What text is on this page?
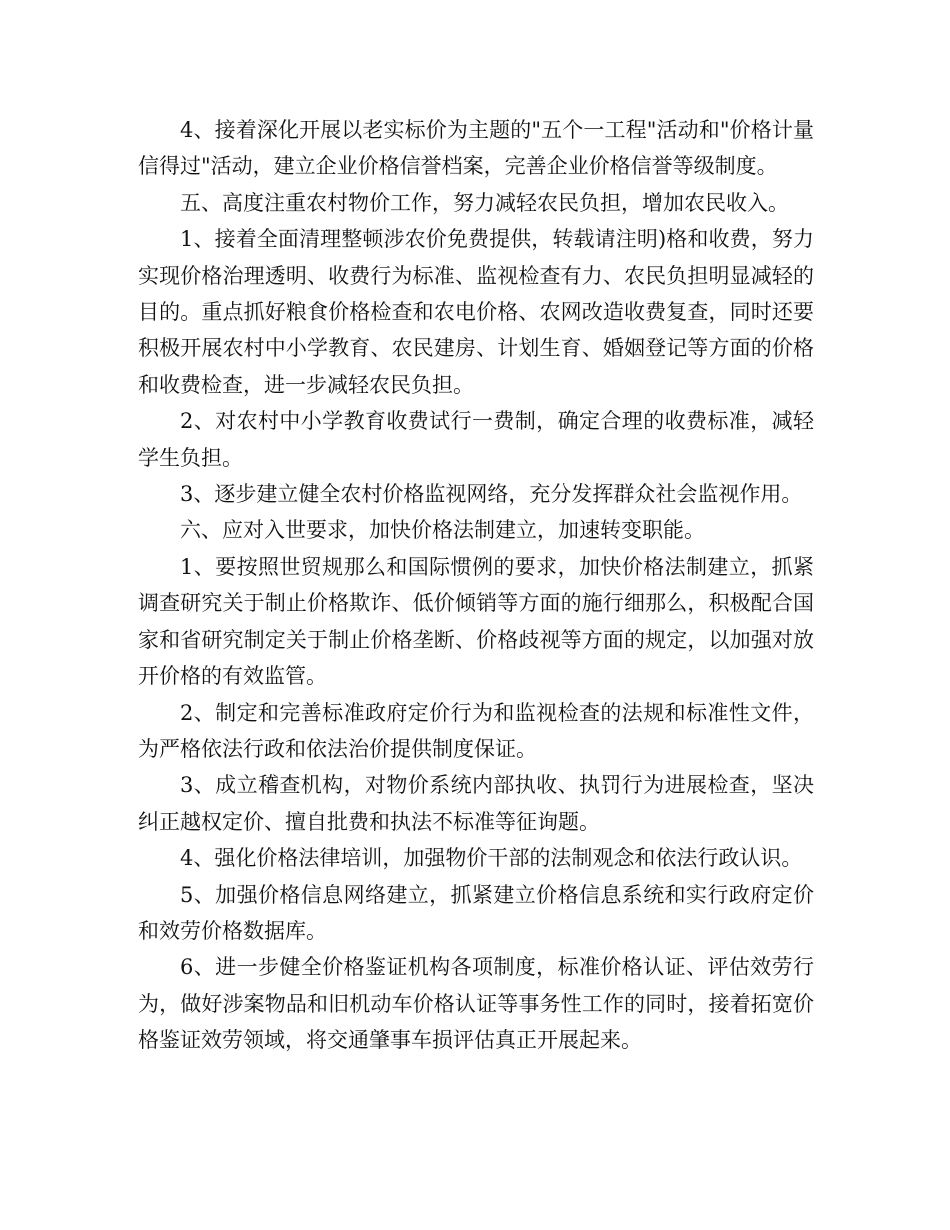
4、接着深化开展以老实标价为主题的"五个一工程"活动和"价格计量信得过"活动，建立企业价格信誉档案，完善企业价格信誉等级制度。

五、高度注重农村物价工作，努力减轻农民负担，增加农民收入。

1、接着全面清理整顿涉农价免费提供，转载请注明)格和收费，努力实现价格治理透明、收费行为标准、监视检查有力、农民负担明显减轻的目的。重点抓好粮食价格检查和农电价格、农网改造收费复查，同时还要积极开展农村中小学教育、农民建房、计划生育、婚姻登记等方面的价格和收费检查，进一步减轻农民负担。

2、对农村中小学教育收费试行一费制，确定合理的收费标准，减轻学生负担。

3、逐步建立健全农村价格监视网络，充分发挥群众社会监视作用。

六、应对入世要求，加快价格法制建立，加速转变职能。

1、要按照世贸规那么和国际惯例的要求，加快价格法制建立，抓紧调查研究关于制止价格欺诈、低价倾销等方面的施行细那么，积极配合国家和省研究制定关于制止价格垄断、价格歧视等方面的规定，以加强对放开价格的有效监管。

2、制定和完善标准政府定价行为和监视检查的法规和标准性文件，为严格依法行政和依法治价提供制度保证。

3、成立稽查机构，对物价系统内部执收、执罚行为进展检查，坚决纠正越权定价、擅自批费和执法不标准等征询题。

4、强化价格法律培训，加强物价干部的法制观念和依法行政认识。

5、加强价格信息网络建立，抓紧建立价格信息系统和实行政府定价和效劳价格数据库。

6、进一步健全价格鉴证机构各项制度，标准价格认证、评估效劳行为，做好涉案物品和旧机动车价格认证等事务性工作的同时，接着拓宽价格鉴证效劳领域，将交通肇事车损评估真正开展起来。
